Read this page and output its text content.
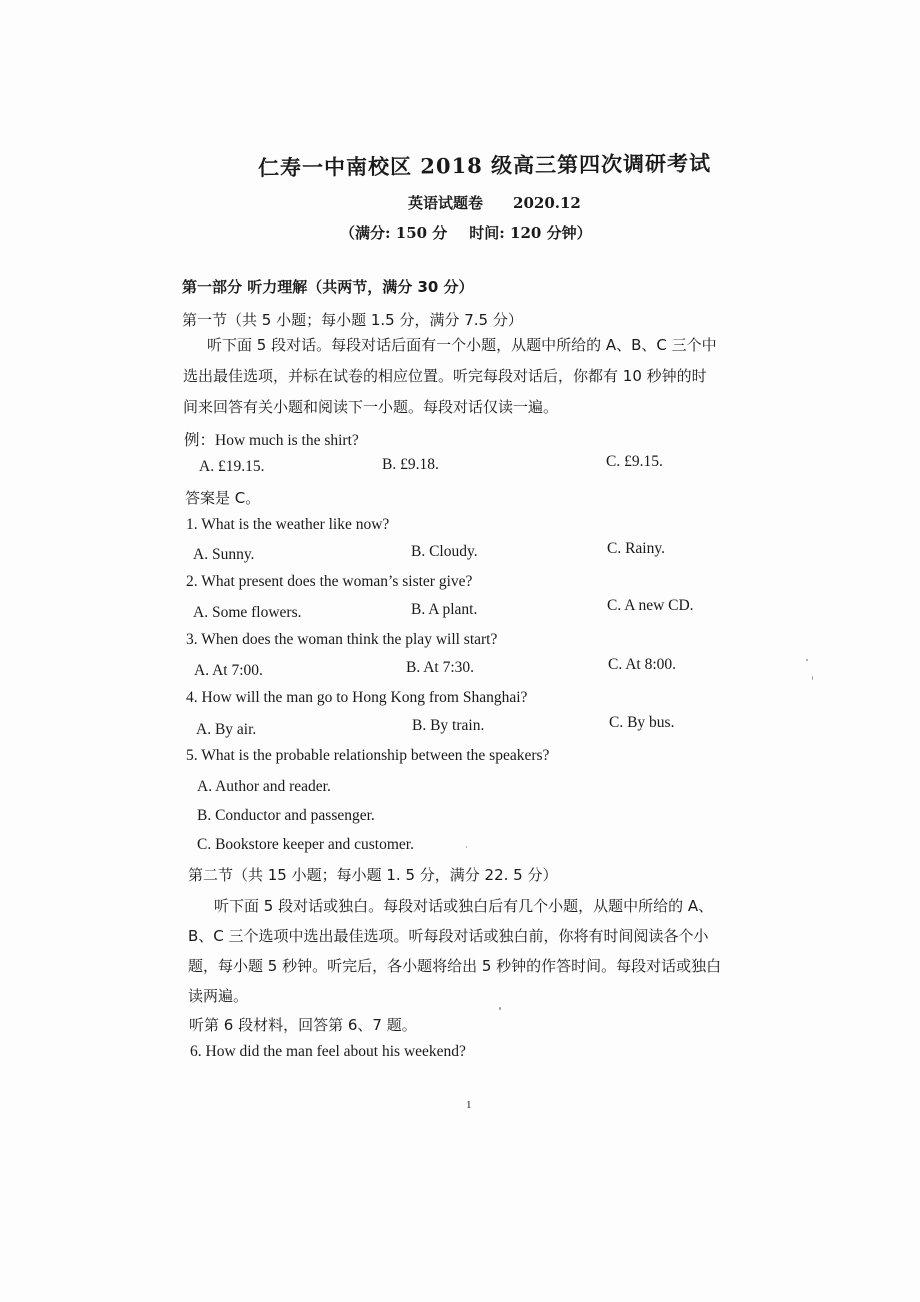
仁寿一中南校区 2018 级高三第四次调研考试
英语试题卷 2020.12
（满分: 150 分 时间: 120 分钟）
第一部分 听力理解（共两节，满分 30 分）
第一节（共 5 小题；每小题 1.5 分，满分 7.5 分）
听下面 5 段对话。每段对话后面有一个小题，从题中所给的 A、B、C 三个中
选出最佳选项，并标在试卷的相应位置。听完每段对话后，你都有 10 秒钟的时
间来回答有关小题和阅读下一小题。每段对话仅读一遍。
例：How much is the shirt?
A. £19.15.	B. £9.18.	C. £9.15.
答案是 C。
1. What is the weather like now?
A. Sunny.	B. Cloudy.	C. Rainy.
2. What present does the woman’s sister give?
A. Some flowers.	B. A plant.	C. A new CD.
3. When does the woman think the play will start?
A. At 7:00.	B. At 7:30.	C. At 8:00.
4. How will the man go to Hong Kong from Shanghai?
A. By air.	B. By train.	C. By bus.
5. What is the probable relationship between the speakers?
A. Author and reader.
B. Conductor and passenger.
C. Bookstore keeper and customer.
第二节（共 15 小题；每小题 1. 5 分，满分 22. 5 分）
听下面 5 段对话或独白。每段对话或独白后有几个小题，从题中所给的 A、
B、C 三个选项中选出最佳选项。听每段对话或独白前，你将有时间阅读各个小
题，每小题 5 秒钟。听完后，各小题将给出 5 秒钟的作答时间。每段对话或独白
读两遍。
听第 6 段材料，回答第 6、7 题。
6. How did the man feel about his weekend?
1
